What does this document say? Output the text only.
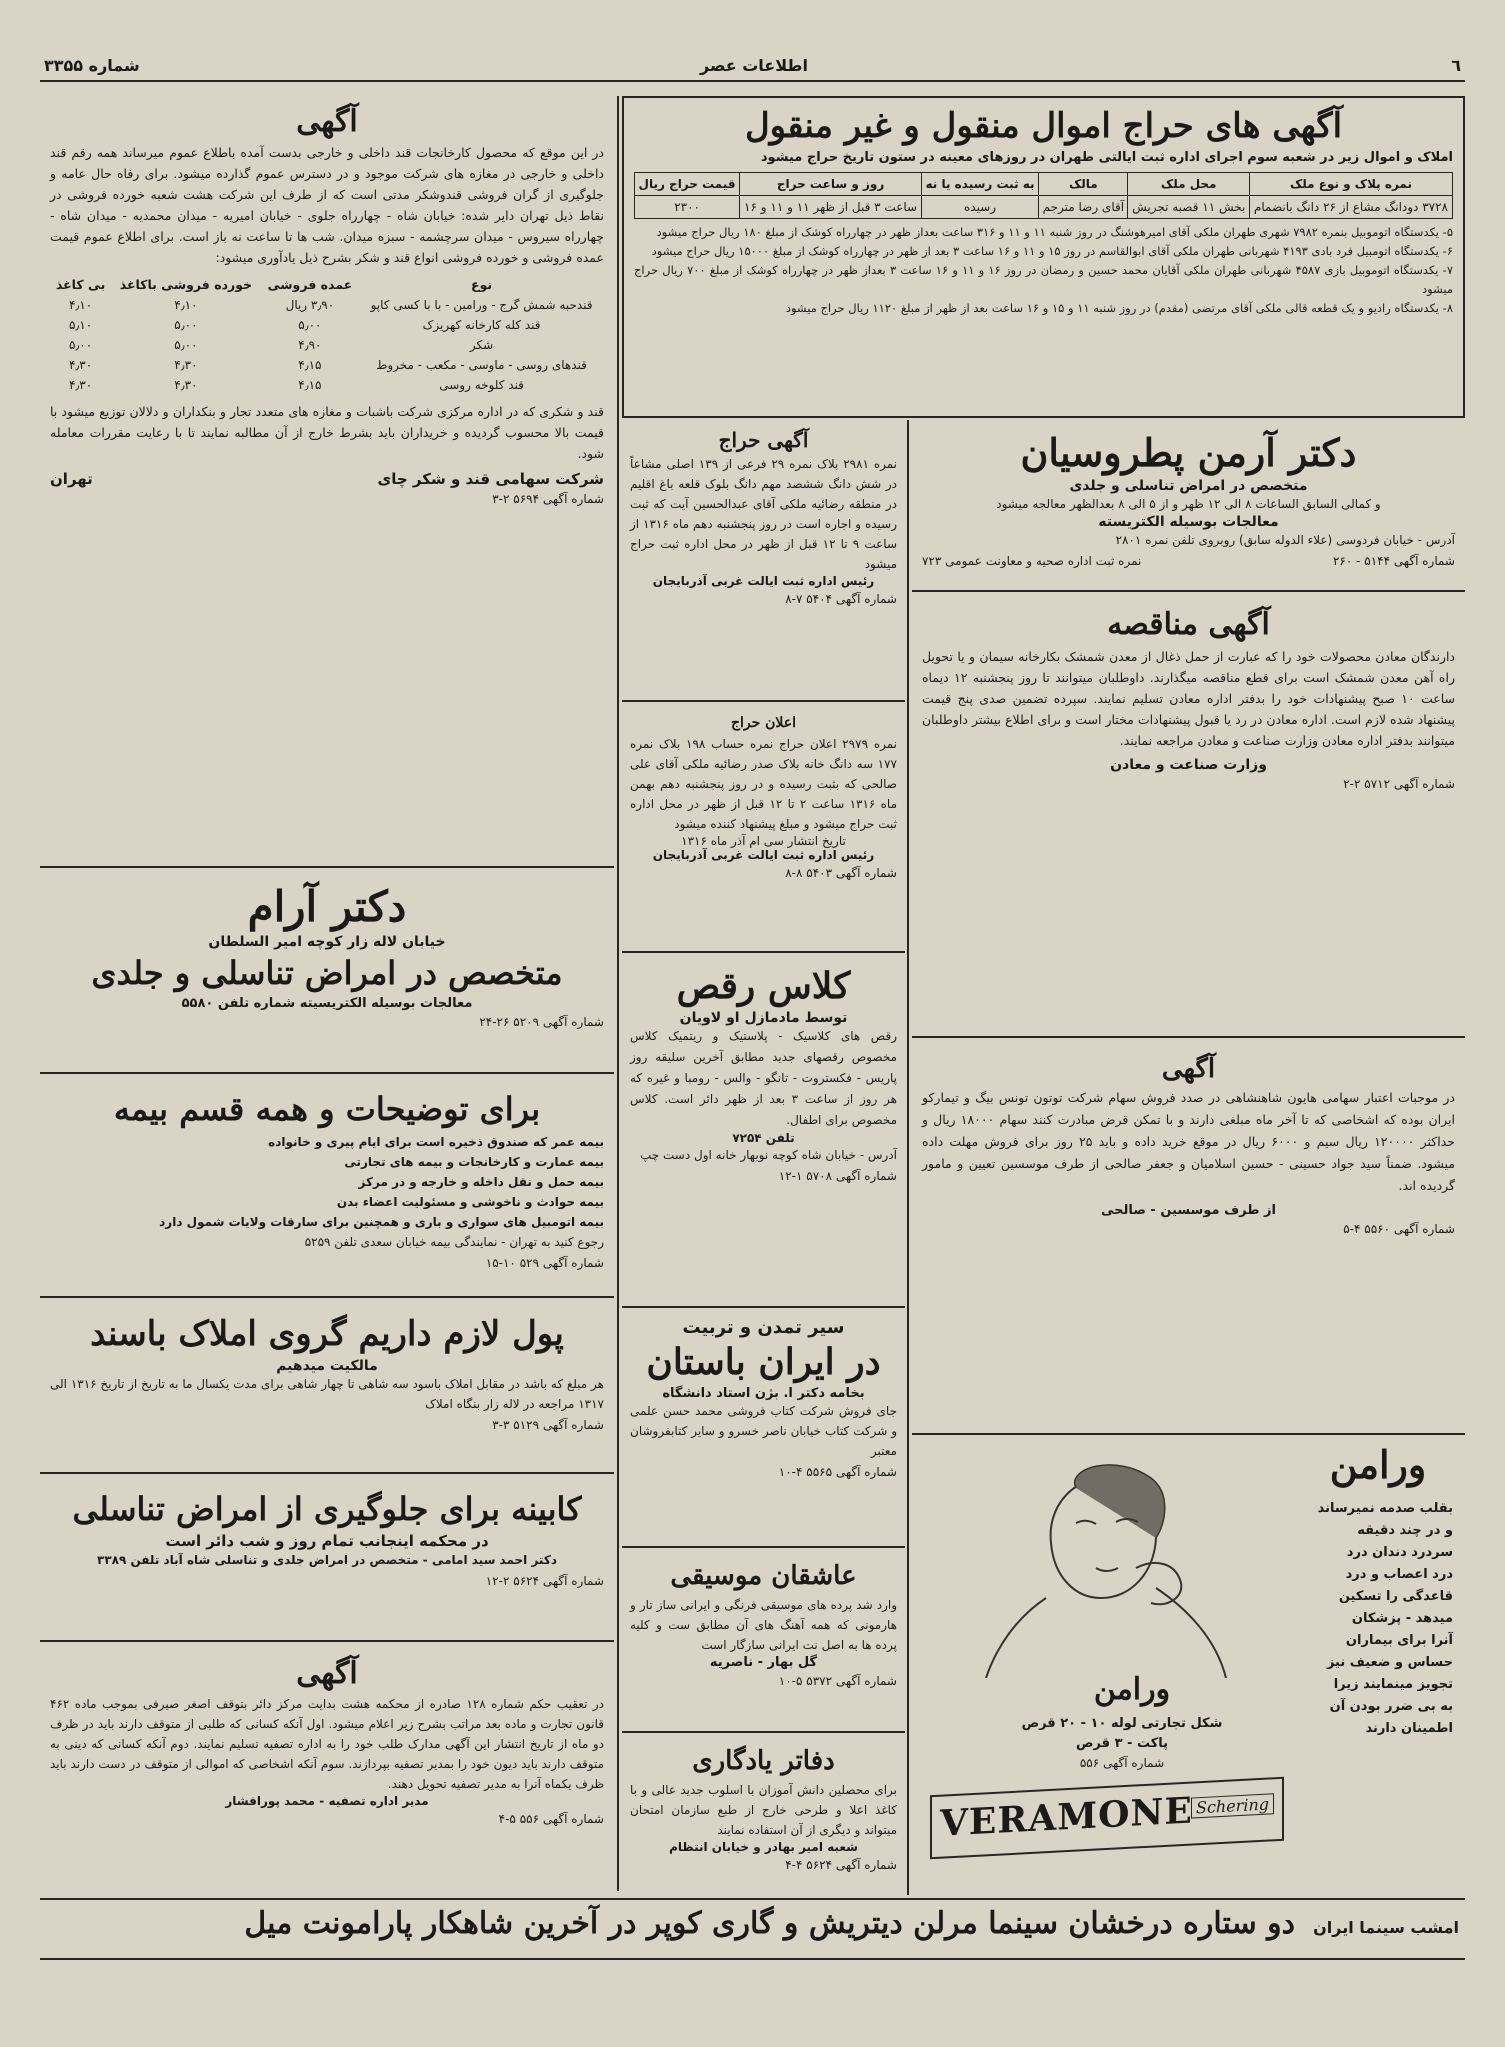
شماره ۳۳۵۵	اطلاعات عصر	٦
آگهی های حراج اموال منقول و غیر منقول

املاک و اموال زیر در شعبه سوم اجرای اداره ثبت ایالتی طهران در روزهای معینه در ستون تاریخ حراج میشود

نمره پلاک و نوع ملک	محل ملک	مالک	به ثبت رسیده یا نه	روز و ساعت حراج	قیمت حراج ریال
۳۷۲۸ دودانگ مشاع از ۲۶ دانگ بانضمام	بخش ۱۱ قصبه تجریش	آقای رضا مترجم	رسیده	ساعت ۳ قبل از ظهر ۱۱ و ۱۱ و ۱۶	۲۳۰۰

۵- یکدستگاه اتوموبیل بنمره ۷۹۸۲ شهری طهران ملکی آقای امیرهوشنگ در روز شنبه ۱۱ و ۱۱ و ۳۱۶ ساعت بعداز ظهر در چهارراه کوشک از مبلغ ۱۸۰ ریال حراج میشود

۶- یکدستگاه اتومبیل فرد بادی ۴۱۹۳ شهربانی طهران ملکی آقای ابوالقاسم در روز ۱۵ و ۱۱ و ۱۶ ساعت ۳ بعد از ظهر در چهارراه کوشک از مبلغ ۱۵۰۰۰ ریال حراج میشود

۷- یکدستگاه اتوموبیل بازی ۴۵۸۷ شهربانی طهران ملکی آقایان محمد حسین و رمضان در روز ۱۶ و ۱۱ و ۱۶ ساعت ۳ بعداز ظهر در چهارراه کوشک از مبلغ ۷۰۰ ریال حراج میشود

۸- یکدستگاه رادیو و یک قطعه قالی ملکی آقای مرتضی (مقدم) در روز شنبه ۱۱ و ۱۵ و ۱۶ ساعت بعد از ظهر از مبلغ ۱۱۲۰ ریال حراج میشود

دکتر آرمن پطروسیان
متخصص در امراض تناسلی و جلدی

و کمالی السابق الساعات ۸ الی ۱۲ ظهر و از ۵ الی ۸ بعدالظهر معالجه میشود

معالجات بوسیله الکتریسته

آدرس - خیابان فردوسی (علاء الدوله سابق) روبروی تلفن نمره ۲۸۰۱

شماره آگهی ۵۱۴۴ - ۲۶۰
نمره ثبت اداره صحیه و معاونت عمومی ۷۲۳
آگهی مناقصه

دارندگان معادن محصولات خود را که عبارت از حمل ذغال از معدن شمشک بکارخانه سیمان و یا تحویل راه آهن معدن شمشک است برای قطع مناقصه میگذارند. داوطلبان میتوانند تا روز پنجشنبه ۱۲ دیماه ساعت ۱۰ صبح پیشنهادات خود را بدفتر اداره معادن تسلیم نمایند. سپرده تضمین صدی پنج قیمت پیشنهاد شده لازم است. اداره معادن در رد یا قبول پیشنهادات مختار است و برای اطلاع بیشتر داوطلبان میتوانند بدفتر اداره معادن وزارت صناعت و معادن مراجعه نمایند.

وزارت صناعت و معادن
شماره آگهی ۵۷۱۲ ۲-۲
آگهی

در موجبات اعتبار سهامی هایون شاهنشاهی در صدد فروش سهام شرکت توتون تونس بیگ و تیمارکو ایران بوده که اشخاصی که تا آخر ماه مبلغی دارند و با تمکن قرض مبادرت کنند سهام ۱۸۰۰۰ ریال و حداکثر ۱۲۰۰۰۰ ریال سیم و ۶۰۰۰ ریال در موقع خرید داده و باید ۲۵ روز برای فروش مهلت داده میشود. ضمناً سید جواد حسینی - حسین اسلامیان و جعفر صالحی از طرف موسسین تعیین و مامور گردیده اند.

از طرف موسسین - صالحی
شماره آگهی ۵۵۶۰ ۴-۵
ورامن

بقلب صدمه نمیرساند

و در چند دقیقه

سردرد دندان درد

درد اعصاب و درد

قاعدگی را تسکین

میدهد - پزشکان

آنرا برای بیماران

حساس و ضعیف نیز

تجویز مینمایند زیرا

به بی ضرر بودن آن

اطمینان دارند

ورامن
شکل تجارتی لوله ۱۰ - ۲۰ قرص
پاکت - ۳ قرص
شماره آگهی ۵۵۶
VERAMONE Schering
آگهی حراج

نمره ۲۹۸۱ بلاک نمره ۲۹ فرعی از ۱۳۹ اصلی مشاعاً در شش دانگ ششصد مهم دانگ بلوک قلعه باغ اقلیم در منطقه رضائیه ملکی آقای عبدالحسین آیت که ثبت رسیده و اجاره است در روز پنجشنبه دهم ماه ۱۳۱۶ از ساعت ۹ تا ۱۲ قبل از ظهر در محل اداره ثبت حراج میشود

رئیس اداره ثبت ایالت غربی آذربایجان
شماره آگهی ۵۴۰۴ ۷-۸
اعلان حراج

نمره ۲۹۷۹ اعلان حراج نمره حساب ۱۹۸ بلاک نمره ۱۷۷ سه دانگ خانه بلاک صدر رضائیه ملکی آقای علی صالحی که بثبت رسیده و در روز پنجشنبه دهم بهمن ماه ۱۳۱۶ ساعت ۲ تا ۱۲ قبل از ظهر در محل اداره ثبت حراج میشود و مبلغ پیشنهاد کننده میشود

تاریخ انتشار سی ام آذر ماه ۱۳۱۶
رئیس اداره ثبت ایالت غربی آذربایجان
شماره آگهی ۵۴۰۳ ۸-۸
کلاس رقص
توسط مادمازل او لاویان

رقص های کلاسیک - پلاستیک و ریتمیک کلاس مخصوص رقصهای جدید مطابق آخرین سلیقه روز پاریس - فکستروت - تانگو - والس - رومبا و غیره که هر روز از ساعت ۳ بعد از ظهر دائر است. کلاس مخصوص برای اطفال.

تلفن ۷۲۵۴

آدرس - خیابان شاه کوچه نوبهار خانه اول دست چپ

شماره آگهی ۵۷۰۸ ۱-۱۲
سیر تمدن و تربیت
در ایران باستان
بخامه دکتر ا. بژن استاد دانشگاه

جای فروش شرکت کتاب فروشی محمد حسن علمی و شرکت کتاب خیابان ناصر خسرو و سایر کتابفروشان معتبر

شماره آگهی ۵۵۶۵ ۴-۱۰
عاشقان موسیقی

وارد شد پرده های موسیقی فرنگی و ایرانی ساز تار و هارمونی که همه آهنگ های آن مطابق ست و کلیه پرده ها به اصل نت ایرانی سازگار است

گل بهار - ناصریه
شماره آگهی ۵۳۷۲ ۵-۱۰
دفاتر یادگاری

برای محصلین دانش آموزان با اسلوب جدید عالی و با کاغذ اعلا و طرحی خارج از طبع سازمان امتحان میتواند و دیگری از آن استفاده نمایند

شعبه امیر بهادر و خیابان انتظام
شماره آگهی ۵۶۲۴ ۴-۴
آگهی

در این موقع که محصول کارخانجات قند داخلی و خارجی بدست آمده باطلاع عموم میرساند همه رقم قند داخلی و خارجی در مغازه های شرکت موجود و در دسترس عموم گذارده میشود. برای رفاه حال عامه و جلوگیری از گران فروشی قندوشکر مدتی است که از طرف این شرکت هشت شعبه خورده فروشی در نقاط ذیل تهران دایر شده: خیابان شاه - چهارراه جلوی - خیابان امیریه - میدان محمدیه - میدان شاه - چهارراه سیروس - میدان سرچشمه - سبزه میدان. شب ها تا ساعت نه باز است. برای اطلاع عموم قیمت عمده فروشی و خورده فروشی انواع قند و شکر بشرح ذیل یادآوری میشود:

نوع	عمده فروشی	خورده فروشی باکاغذ	بی کاغذ
قندحبه شمش گرج - ورامین - با با کسی کاپو	۳٫۹۰ ریال	۴٫۱۰	۴٫۱۰
قند کله کارخانه کهریزک	۵٫۰۰	۵٫۰۰	۵٫۱۰
شکر	۴٫۹۰	۵٫۰۰	۵٫۰۰
قندهای روسی - ماوسی - مکعب - مخروط	۴٫۱۵	۴٫۳۰	۴٫۳۰
قند کلوخه روسی	۴٫۱۵	۴٫۳۰	۴٫۳۰

قند و شکری که در اداره مرکزی شرکت باشبات و مغازه های متعدد تجار و بنکداران و دلالان توزیع میشود با قیمت بالا محسوب گردیده و خریداران باید بشرط خارج از آن مطالبه نمایند تا با رعایت مقررات معامله شود.

شرکت سهامی قند و شکر چای
تهران
شماره آگهی ۵۶۹۴ ۲-۳
دکتر آرام
خیابان لاله زار کوچه امیر السلطان
متخصص در امراض تناسلی و جلدی
معالجات بوسیله الکتریسیته شماره تلفن ۵۵۸۰
شماره آگهی ۵۲۰۹ ۲۶-۲۴
برای توضیحات و همه قسم بیمه

بیمه عمر که صندوق ذخیره است برای ایام پیری و خانواده

بیمه عمارت و کارخانجات و بیمه های تجارتی

بیمه حمل و نقل داخله و خارجه و در مرکز

بیمه حوادث و ناخوشی و مسئولیت اعضاء بدن

بیمه اتومبیل های سواری و باری و همچنین برای سارقات ولایات شمول دارد

رجوع کنید به تهران - نمایندگی بیمه خیابان سعدی تلفن ۵۲۵۹

شماره آگهی ۵۲۹ ۱۰-۱۵
پول لازم داریم گروی املاک باسند
مالکیت میدهیم

هر مبلغ که باشد در مقابل املاک باسود سه شاهی تا چهار شاهی برای مدت یکسال ما به تاریخ از تاریخ ۱۳۱۶ الی ۱۳۱۷ مراجعه در لاله زار بنگاه املاک

شماره آگهی ۵۱۲۹ ۳-۳
کابینه برای جلوگیری از امراض تناسلی
در محکمه اینجانب تمام روز و شب دائر است

دکتر احمد سید امامی - متخصص در امراض جلدی و تناسلی شاه آباد تلفن ۳۳۸۹

شماره آگهی ۵۶۲۴ ۲-۱۲
آگهی

در تعقیب حکم شماره ۱۲۸ صادره از محکمه هشت بدایت مرکز دائر بتوقف اصغر صیرفی بموجب ماده ۴۶۲ قانون تجارت و ماده بعد مراتب بشرح زیر اعلام میشود. اول آنکه کسانی که طلبی از متوقف دارند باید در ظرف دو ماه از تاریخ انتشار این آگهی مدارک طلب خود را به اداره تصفیه تسلیم نمایند. دوم آنکه کسانی که دینی به متوقف دارند باید دیون خود را بمدیر تصفیه بپردازند. سوم آنکه اشخاصی که اموالی از متوقف در دست دارند باید ظرف یکماه آنرا به مدیر تصفیه تحویل دهند.

مدیر اداره تصفیه - محمد پورافشار
شماره آگهی ۵۵۶ ۵-۴
امشب سینما ایران
دو ستاره درخشان سینما مرلن دیتریش و گاری کوپر در آخرین شاهکار پارامونت میل
